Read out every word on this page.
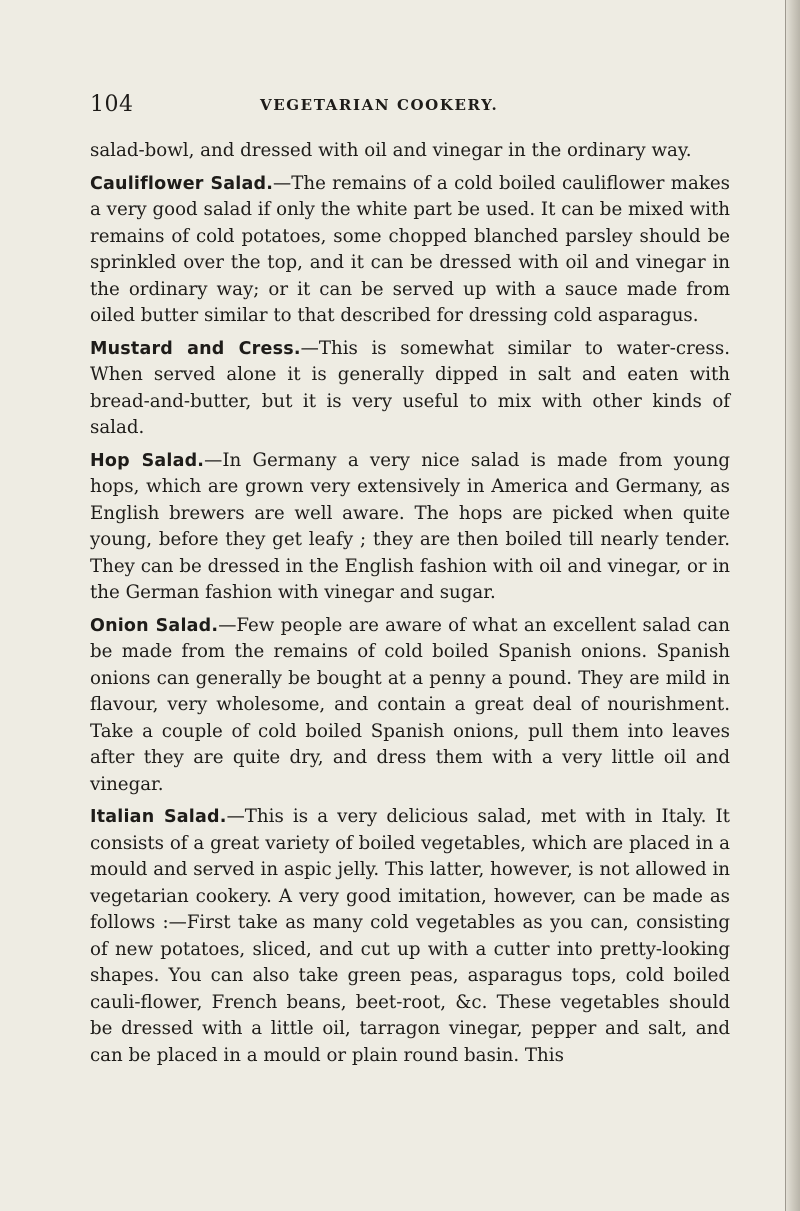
104	VEGETARIAN COOKERY.

salad-bowl, and dressed with oil and vinegar in the ordinary way.

Cauliflower Salad.—The remains of a cold boiled cauliflower makes a very good salad if only the white part be used. It can be mixed with remains of cold potatoes, some chopped blanched parsley should be sprinkled over the top, and it can be dressed with oil and vinegar in the ordinary way; or it can be served up with a sauce made from oiled butter similar to that described for dressing cold asparagus.

Mustard and Cress.—This is somewhat similar to water-cress. When served alone it is generally dipped in salt and eaten with bread-and-butter, but it is very useful to mix with other kinds of salad.

Hop Salad.—In Germany a very nice salad is made from young hops, which are grown very extensively in America and Germany, as English brewers are well aware. The hops are picked when quite young, before they get leafy ; they are then boiled till nearly tender. They can be dressed in the English fashion with oil and vinegar, or in the German fashion with vinegar and sugar.

Onion Salad.—Few people are aware of what an excellent salad can be made from the remains of cold boiled Spanish onions. Spanish onions can generally be bought at a penny a pound. They are mild in flavour, very wholesome, and contain a great deal of nourishment. Take a couple of cold boiled Spanish onions, pull them into leaves after they are quite dry, and dress them with a very little oil and vinegar.

Italian Salad.—This is a very delicious salad, met with in Italy. It consists of a great variety of boiled vegetables, which are placed in a mould and served in aspic jelly. This latter, however, is not allowed in vegetarian cookery. A very good imitation, however, can be made as follows :—First take as many cold vegetables as you can, consisting of new potatoes, sliced, and cut up with a cutter into pretty-looking shapes. You can also take green peas, asparagus tops, cold boiled cauli-flower, French beans, beet-root, &c. These vegetables should be dressed with a little oil, tarragon vinegar, pepper and salt, and can be placed in a mould or plain round basin. This
